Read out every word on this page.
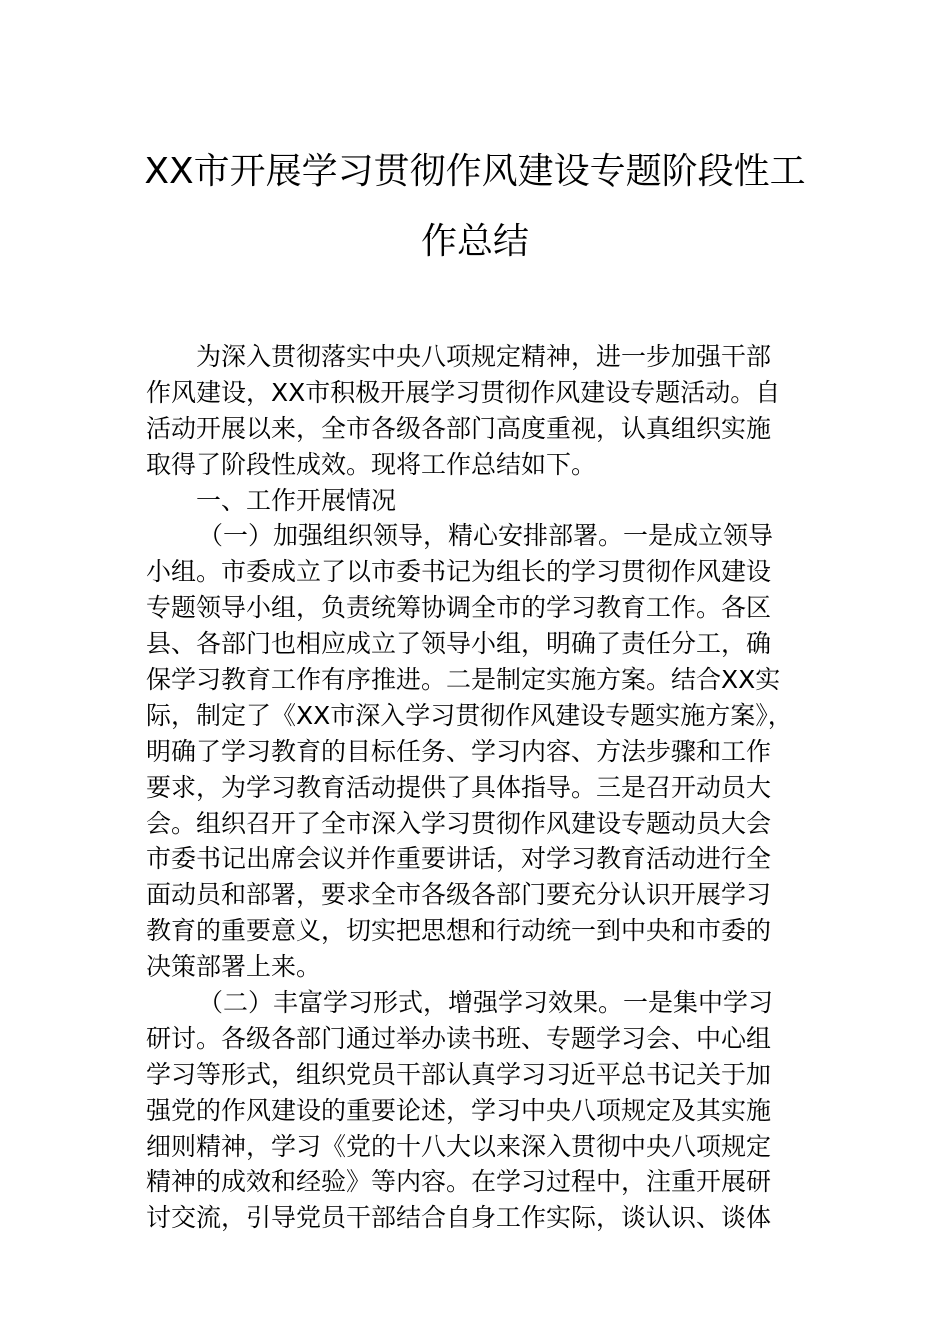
XX市开展学习贯彻作风建设专题阶段性工
作总结
为深入贯彻落实中央八项规定精神，进一步加强干部
作风建设，XX市积极开展学习贯彻作风建设专题活动。自
活动开展以来，全市各级各部门高度重视，认真组织实施
取得了阶段性成效。现将工作总结如下。
一、工作开展情况
（一）加强组织领导，精心安排部署。一是成立领导
小组。市委成立了以市委书记为组长的学习贯彻作风建设
专题领导小组，负责统筹协调全市的学习教育工作。各区
县、各部门也相应成立了领导小组，明确了责任分工，确
保学习教育工作有序推进。二是制定实施方案。结合XX实
际，制定了《XX市深入学习贯彻作风建设专题实施方案》，
明确了学习教育的目标任务、学习内容、方法步骤和工作
要求，为学习教育活动提供了具体指导。三是召开动员大
会。组织召开了全市深入学习贯彻作风建设专题动员大会
市委书记出席会议并作重要讲话，对学习教育活动进行全
面动员和部署，要求全市各级各部门要充分认识开展学习
教育的重要意义，切实把思想和行动统一到中央和市委的
决策部署上来。
（二）丰富学习形式，增强学习效果。一是集中学习
研讨。各级各部门通过举办读书班、专题学习会、中心组
学习等形式，组织党员干部认真学习习近平总书记关于加
强党的作风建设的重要论述，学习中央八项规定及其实施
细则精神，学习《党的十八大以来深入贯彻中央八项规定
精神的成效和经验》等内容。在学习过程中，注重开展研
讨交流，引导党员干部结合自身工作实际，谈认识、谈体
